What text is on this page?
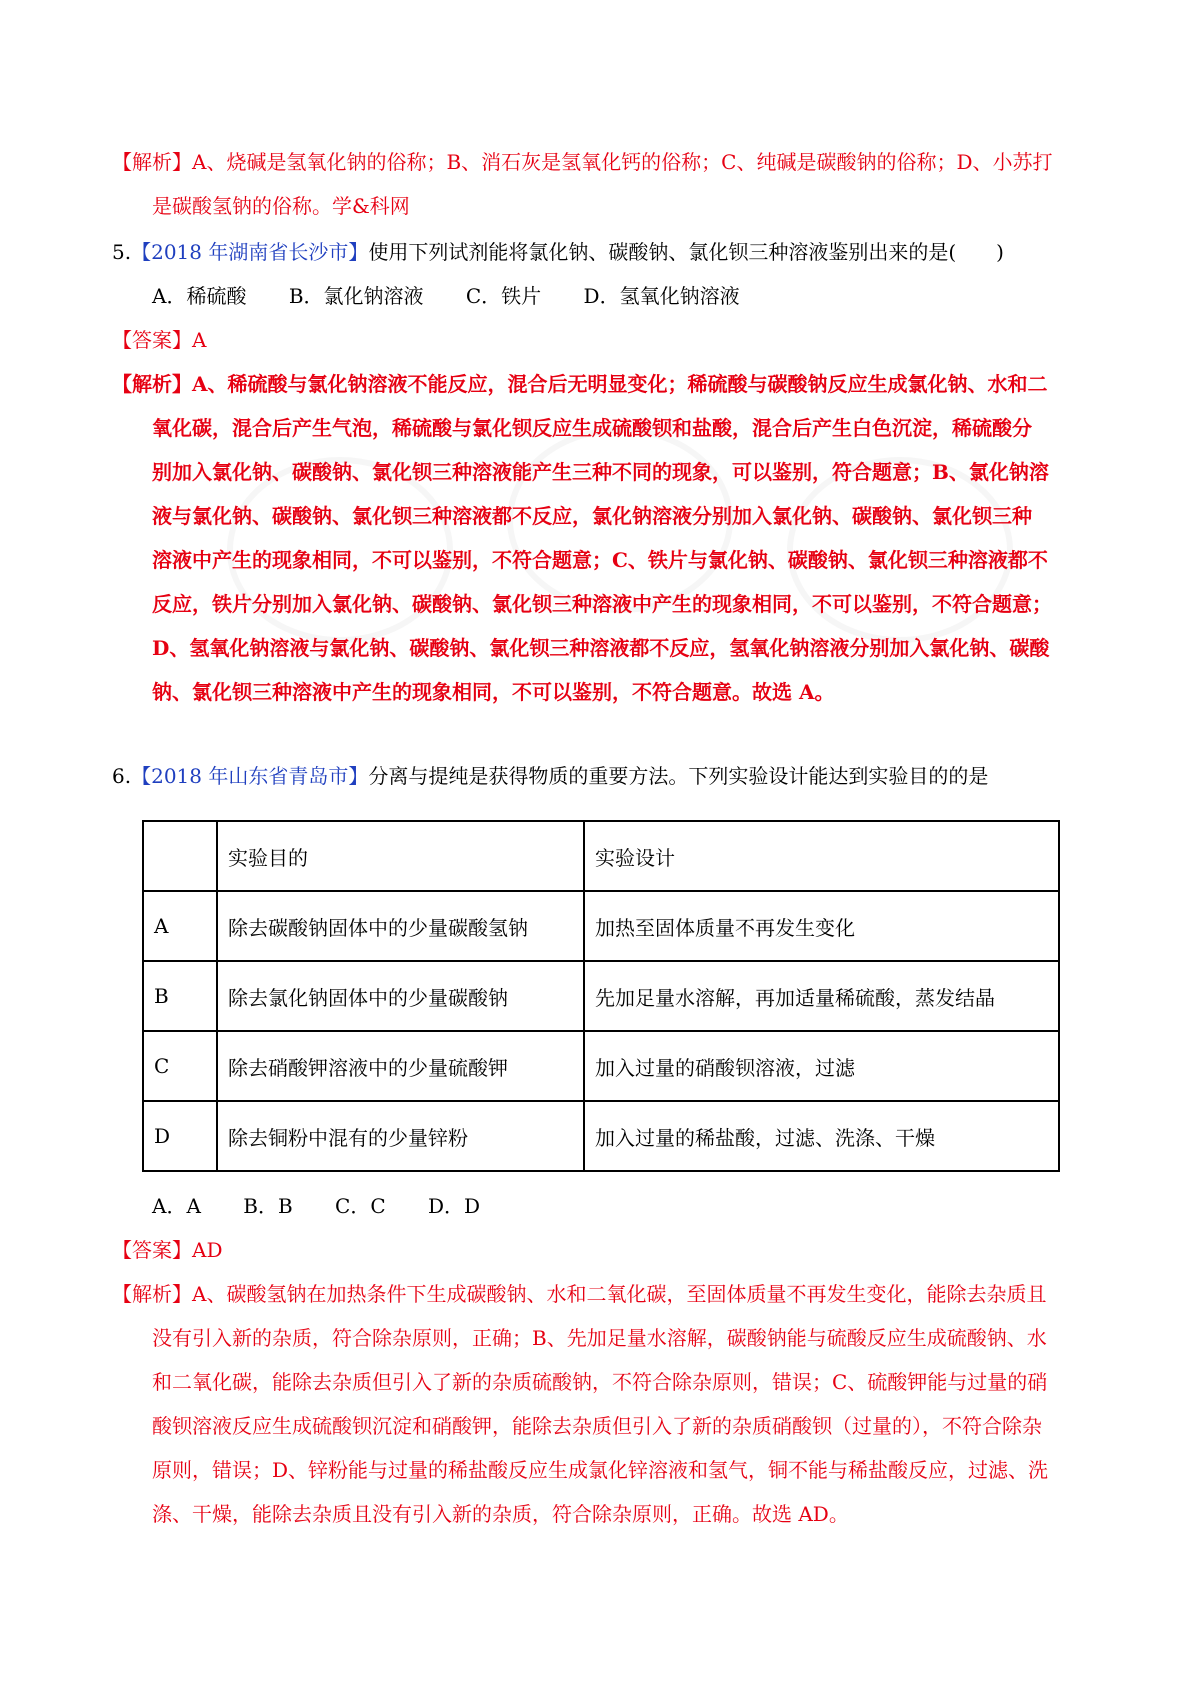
【解析】A、烧碱是氢氧化钠的俗称；B、消石灰是氢氧化钙的俗称；C、纯碱是碳酸钠的俗称；D、小苏打
是碳酸氢钠的俗称。学&科网
5.【2018 年湖南省长沙市】使用下列试剂能将氯化钠、碳酸钠、氯化钡三种溶液鉴别出来的是(　　)
A．稀硫酸 B．氯化钠溶液 C．铁片 D．氢氧化钠溶液
【答案】A
【解析】A、稀硫酸与氯化钠溶液不能反应，混合后无明显变化；稀硫酸与碳酸钠反应生成氯化钠、水和二
氧化碳，混合后产生气泡，稀硫酸与氯化钡反应生成硫酸钡和盐酸，混合后产生白色沉淀，稀硫酸分
别加入氯化钠、碳酸钠、氯化钡三种溶液能产生三种不同的现象，可以鉴别，符合题意；B、氯化钠溶
液与氯化钠、碳酸钠、氯化钡三种溶液都不反应，氯化钠溶液分别加入氯化钠、碳酸钠、氯化钡三种
溶液中产生的现象相同，不可以鉴别，不符合题意；C、铁片与氯化钠、碳酸钠、氯化钡三种溶液都不
反应，铁片分别加入氯化钠、碳酸钠、氯化钡三种溶液中产生的现象相同，不可以鉴别，不符合题意；
D、氢氧化钠溶液与氯化钠、碳酸钠、氯化钡三种溶液都不反应，氢氧化钠溶液分别加入氯化钠、碳酸
钠、氯化钡三种溶液中产生的现象相同，不可以鉴别，不符合题意。故选 A。
6.【2018 年山东省青岛市】分离与提纯是获得物质的重要方法。下列实验设计能达到实验目的的是
	实验目的	实验设计
A	除去碳酸钠固体中的少量碳酸氢钠	加热至固体质量不再发生变化
B	除去氯化钠固体中的少量碳酸钠	先加足量水溶解，再加适量稀硫酸，蒸发结晶
C	除去硝酸钾溶液中的少量硫酸钾	加入过量的硝酸钡溶液，过滤
D	除去铜粉中混有的少量锌粉	加入过量的稀盐酸，过滤、洗涤、干燥
A．A B．B C．C D．D
【答案】AD
【解析】A、碳酸氢钠在加热条件下生成碳酸钠、水和二氧化碳，至固体质量不再发生变化，能除去杂质且
没有引入新的杂质，符合除杂原则，正确；B、先加足量水溶解，碳酸钠能与硫酸反应生成硫酸钠、水
和二氧化碳，能除去杂质但引入了新的杂质硫酸钠，不符合除杂原则，错误；C、硫酸钾能与过量的硝
酸钡溶液反应生成硫酸钡沉淀和硝酸钾，能除去杂质但引入了新的杂质硝酸钡（过量的），不符合除杂
原则，错误；D、锌粉能与过量的稀盐酸反应生成氯化锌溶液和氢气，铜不能与稀盐酸反应，过滤、洗
涤、干燥，能除去杂质且没有引入新的杂质，符合除杂原则，正确。故选 AD。
